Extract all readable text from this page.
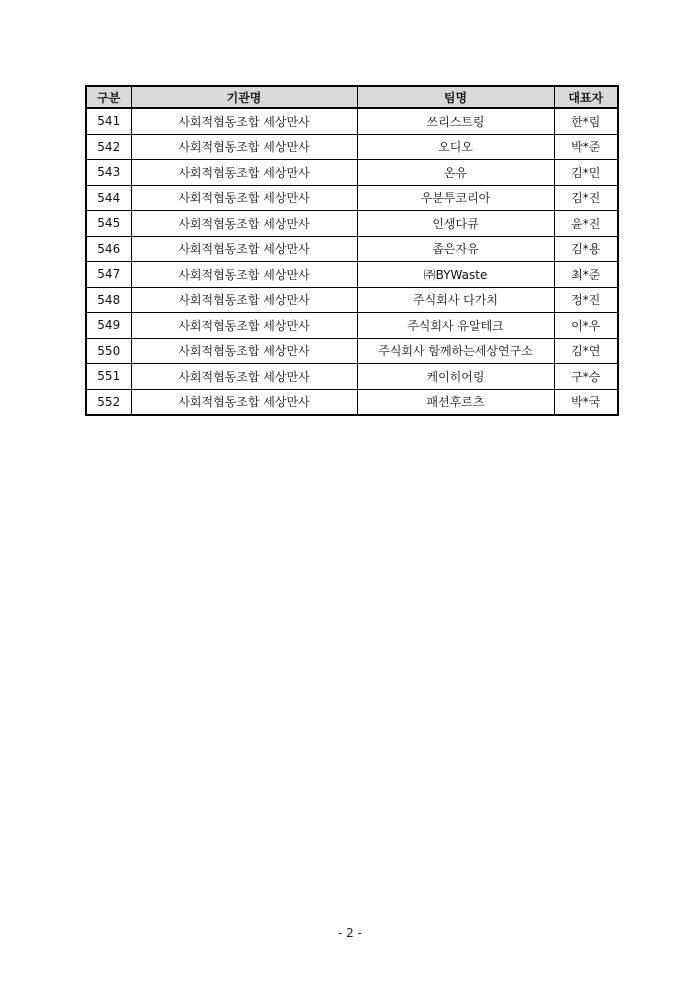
구분	기관명	팀명	대표자
541	사회적협동조합 세상만사	쓰리스트링	한*림
542	사회적협동조합 세상만사	오디오	박*준
543	사회적협동조합 세상만사	온유	김*민
544	사회적협동조합 세상만사	우분투코리아	김*진
545	사회적협동조합 세상만사	인생다큐	윤*진
546	사회적협동조합 세상만사	좁은자유	김*용
547	사회적협동조합 세상만사	㈜BYWaste	최*준
548	사회적협동조합 세상만사	주식회사 다가치	정*진
549	사회적협동조합 세상만사	주식회사 유알테크	이*우
550	사회적협동조합 세상만사	주식회사 함께하는세상연구소	김*연
551	사회적협동조합 세상만사	케이히어링	구*승
552	사회적협동조합 세상만사	패션후르츠	박*국
- 2 -
